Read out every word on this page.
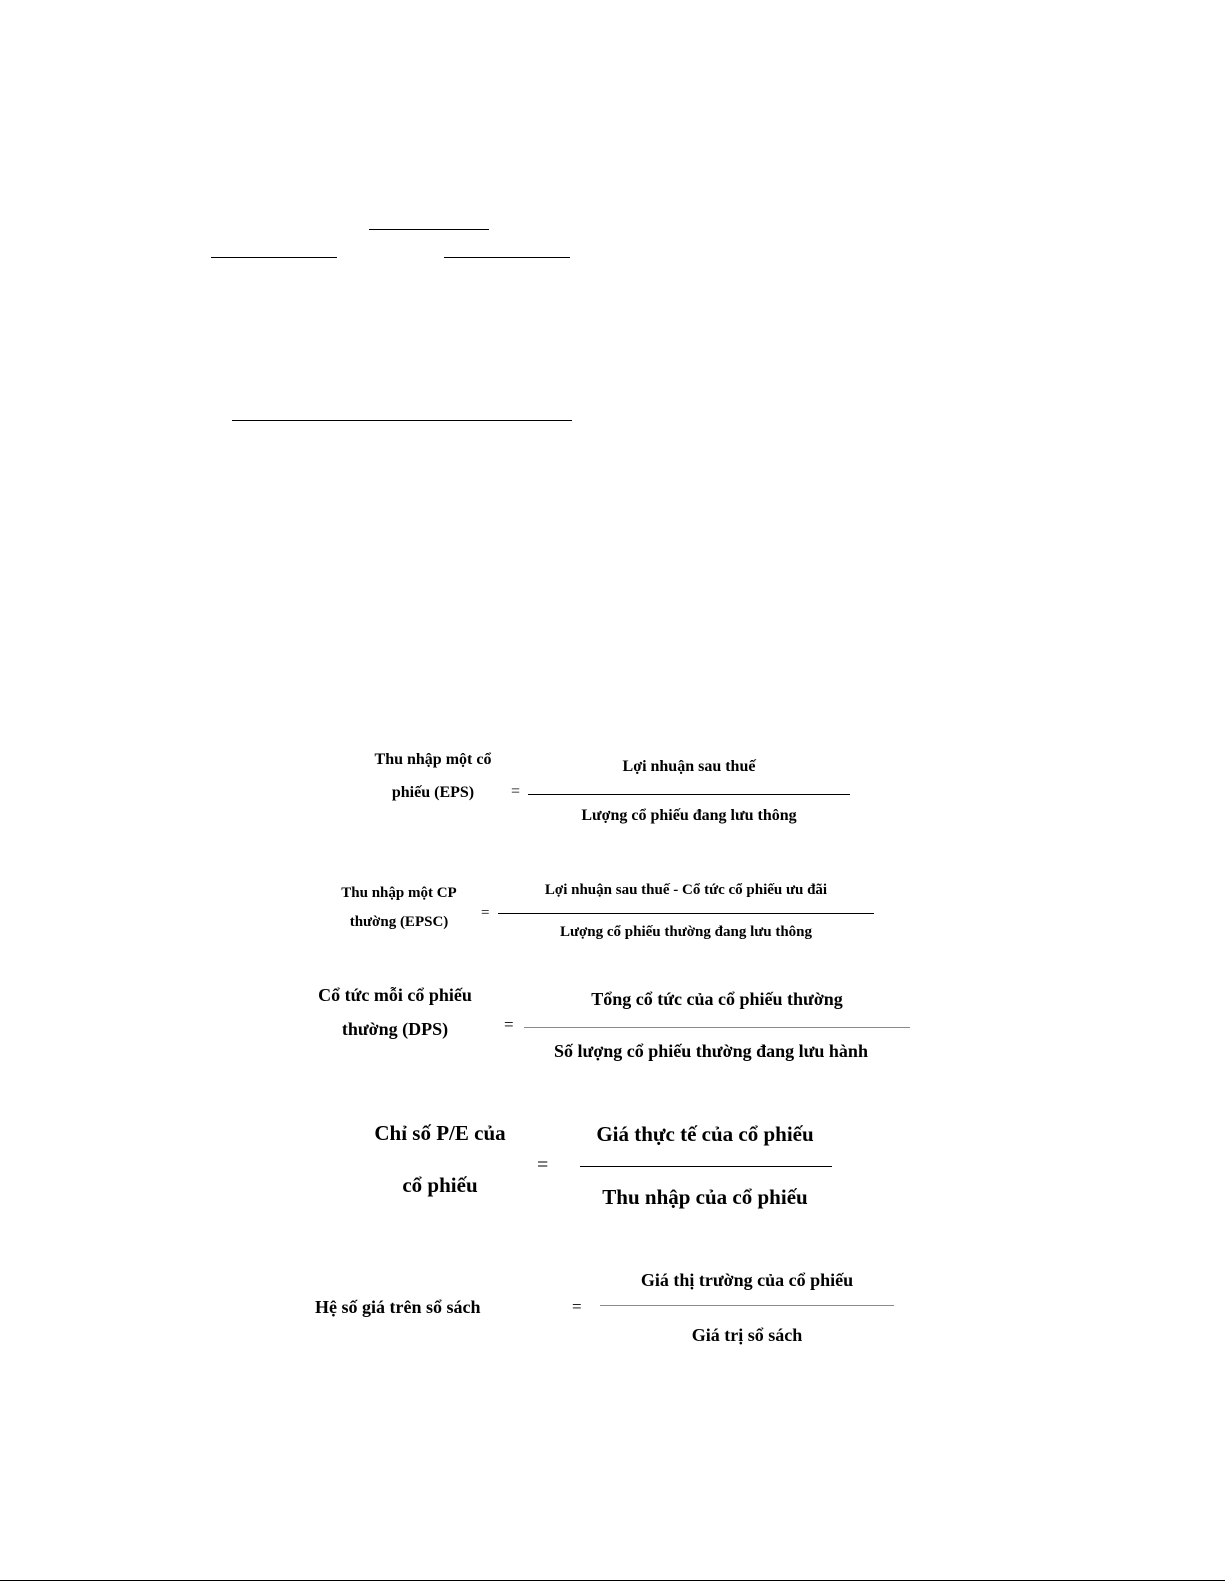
Thu nhập một cổ
phiếu (EPS)	=
Lợi nhuận sau thuế
Lượng cổ phiếu đang lưu thông
Thu nhập một CP
thường (EPSC)
=
Lợi nhuận sau thuế - Cổ tức cổ phiếu ưu đãi
Lượng cổ phiếu thường đang lưu thông
Cổ tức mỗi cổ phiếu
thường (DPS)	=
Tổng cổ tức của cổ phiếu thường
Số lượng cổ phiếu thường đang lưu hành
Chỉ số P/E của
cổ phiếu
=
Giá thực tế của cổ phiếu
Thu nhập của cổ phiếu
Hệ số giá trên sổ sách	=
Giá thị trường của cổ phiếu
Giá trị sổ sách
